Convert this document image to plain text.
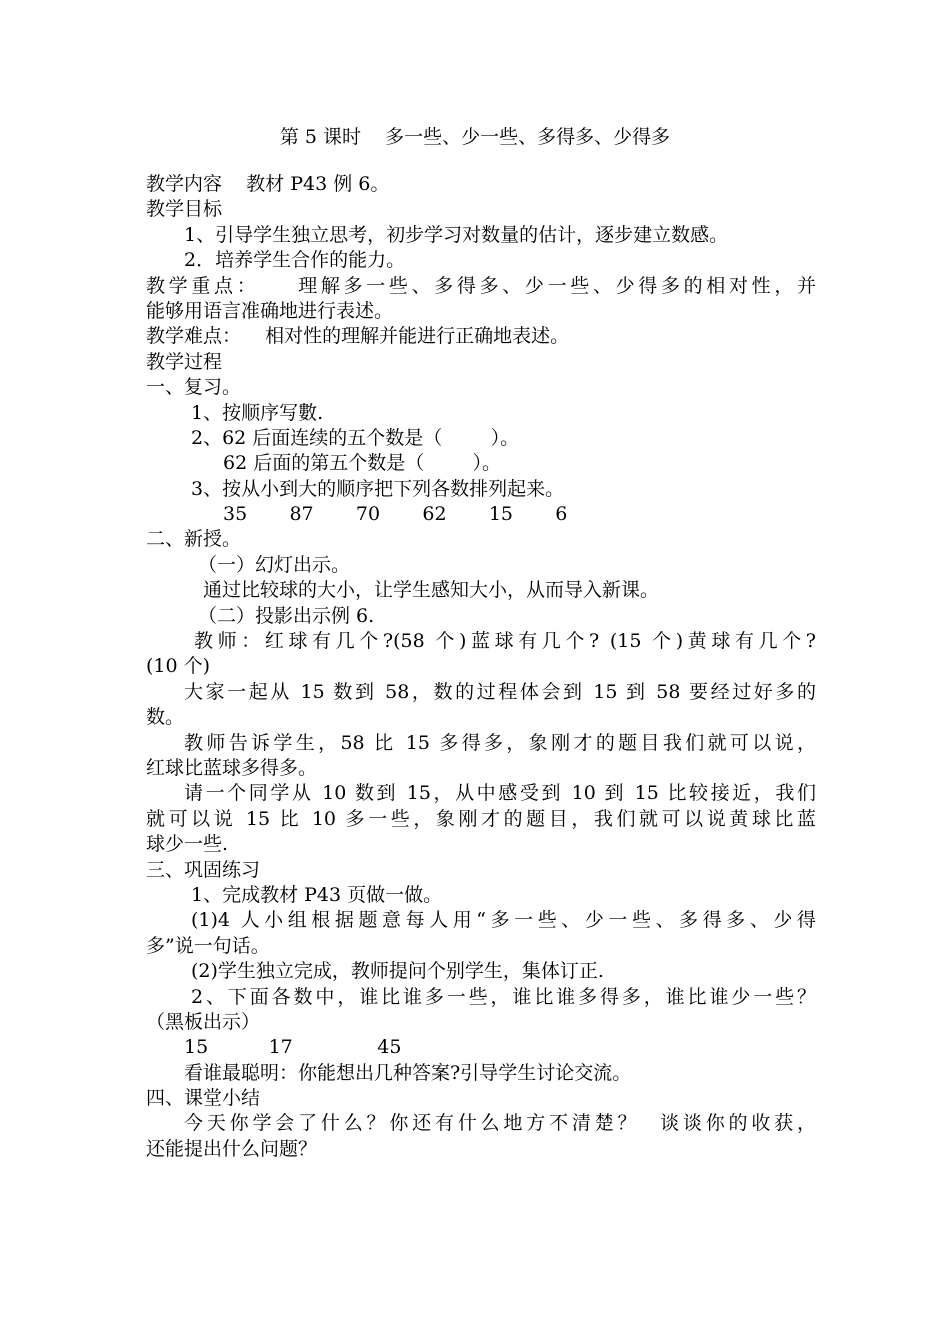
第 5 课时    多一些、少一些、多得多、少得多
教学内容    教材 P43 例 6。
教学目标
1、引导学生独立思考，初步学习对数量的估计，逐步建立数感。
2．培养学生合作的能力。
教学重点：    理解多一些、多得多、少一些、少得多的相对性，并
能够用语言准确地进行表述。
教学难点：    相对性的理解并能进行正确地表述。
教学过程
一、复习。
1、按顺序写數.
2、62 后面连续的五个数是（        ）。
62 后面的第五个数是（        ）。
3、按从小到大的顺序把下列各数排列起来。
35       87       70       62       15       6
二、新授。
（一）幻灯出示。
通过比较球的大小，让学生感知大小，从而导入新课。
（二）投影出示例 6.
教师：红球有几个?(58 个)蓝球有几个? (15 个)黄球有几个?
(10 个)
大家一起从 15 数到 58，数的过程体会到 15 到 58 要经过好多的
数。
教师告诉学生，58 比 15 多得多，象刚才的题目我们就可以说，
红球比蓝球多得多。
请一个同学从 10 数到 15，从中感受到 10 到 15 比较接近，我们
就可以说 15 比 10 多一些，象刚才的题目，我们就可以说黄球比蓝
球少一些.
三、巩固练习
1、完成教材 P43 页做一做。
(1)4 人小组根据题意每人用“多一些、少一些、多得多、少得
多”说一句话。
(2)学生独立完成，教师提问个别学生，集体订正.
2、下面各数中，谁比谁多一些，谁比谁多得多，谁比谁少一些？
（黑板出示）
15          17              45
看谁最聪明：你能想出几种答案?引导学生讨论交流。
四、课堂小结
今天你学会了什么？你还有什么地方不清楚？  谈谈你的收获，
还能提出什么问题？
